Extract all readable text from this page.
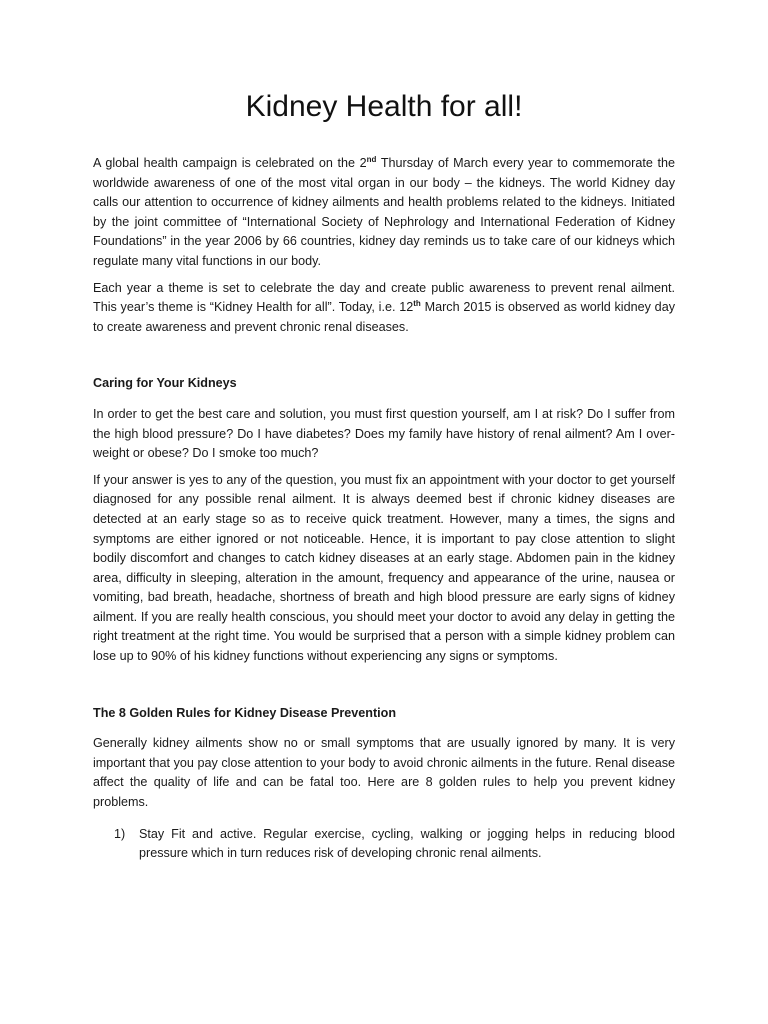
Kidney Health for all!

A global health campaign is celebrated on the 2nd Thursday of March every year to commemorate the worldwide awareness of one of the most vital organ in our body – the kidneys. The world Kidney day calls our attention to occurrence of kidney ailments and health problems related to the kidneys. Initiated by the joint committee of “International Society of Nephrology and International Federation of Kidney Foundations” in the year 2006 by 66 countries, kidney day reminds us to take care of our kidneys which regulate many vital functions in our body.

Each year a theme is set to celebrate the day and create public awareness to prevent renal ailment. This year’s theme is “Kidney Health for all”. Today, i.e. 12th March 2015 is observed as world kidney day to create awareness and prevent chronic renal diseases.

Caring for Your Kidneys

In order to get the best care and solution, you must first question yourself, am I at risk? Do I suffer from the high blood pressure? Do I have diabetes? Does my family have history of renal ailment? Am I over-weight or obese? Do I smoke too much?

If your answer is yes to any of the question, you must fix an appointment with your doctor to get yourself diagnosed for any possible renal ailment. It is always deemed best if chronic kidney diseases are detected at an early stage so as to receive quick treatment. However, many a times, the signs and symptoms are either ignored or not noticeable. Hence, it is important to pay close attention to slight bodily discomfort and changes to catch kidney diseases at an early stage. Abdomen pain in the kidney area, difficulty in sleeping, alteration in the amount, frequency and appearance of the urine, nausea or vomiting, bad breath, headache, shortness of breath and high blood pressure are early signs of kidney ailment. If you are really health conscious, you should meet your doctor to avoid any delay in getting the right treatment at the right time. You would be surprised that a person with a simple kidney problem can lose up to 90% of his kidney functions without experiencing any signs or symptoms.

The 8 Golden Rules for Kidney Disease Prevention

Generally kidney ailments show no or small symptoms that are usually ignored by many. It is very important that you pay close attention to your body to avoid chronic ailments in the future. Renal disease affect the quality of life and can be fatal too. Here are 8 golden rules to help you prevent kidney problems.

1) Stay Fit and active. Regular exercise, cycling, walking or jogging helps in reducing blood pressure which in turn reduces risk of developing chronic renal ailments.
